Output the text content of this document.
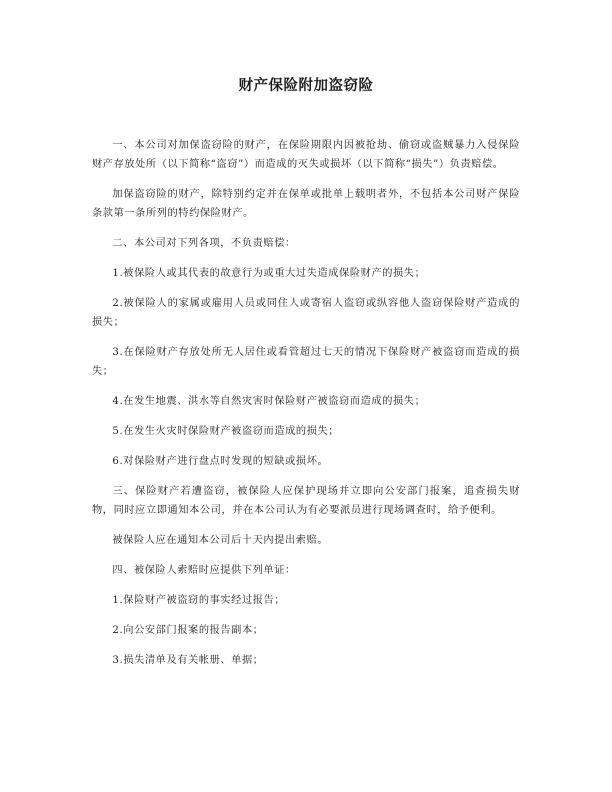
财产保险附加盗窃险

一、本公司对加保盗窃险的财产，在保险期限内因被抢劫、偷窃或盗贼暴力入侵保险财产存放处所（以下简称“盗窃”）而造成的灭失或损坏（以下简称“损失”）负责赔偿。

加保盗窃险的财产，除特别约定并在保单或批单上载明者外，不包括本公司财产保险条款第一条所列的特约保险财产。

二、本公司对下列各项，不负责赔偿：

1.被保险人或其代表的故意行为或重大过失造成保险财产的损失；

2.被保险人的家属或雇用人员或同住人或寄宿人盗窃或纵容他人盗窃保险财产造成的损失；

3.在保险财产存放处所无人居住或看管超过七天的情况下保险财产被盗窃而造成的损失；

4.在发生地震、洪水等自然灾害时保险财产被盗窃而造成的损失；

5.在发生火灾时保险财产被盗窃而造成的损失；

6.对保险财产进行盘点时发现的短缺或损坏。

三、保险财产若遭盗窃，被保险人应保护现场并立即向公安部门报案，追查损失财物，同时应立即通知本公司，并在本公司认为有必要派员进行现场调查时，给予便利。

被保险人应在通知本公司后十天内提出索赔。

四、被保险人索赔时应提供下列单证：

1.保险财产被盗窃的事实经过报告；

2.向公安部门报案的报告副本；

3.损失清单及有关帐册、单据；
